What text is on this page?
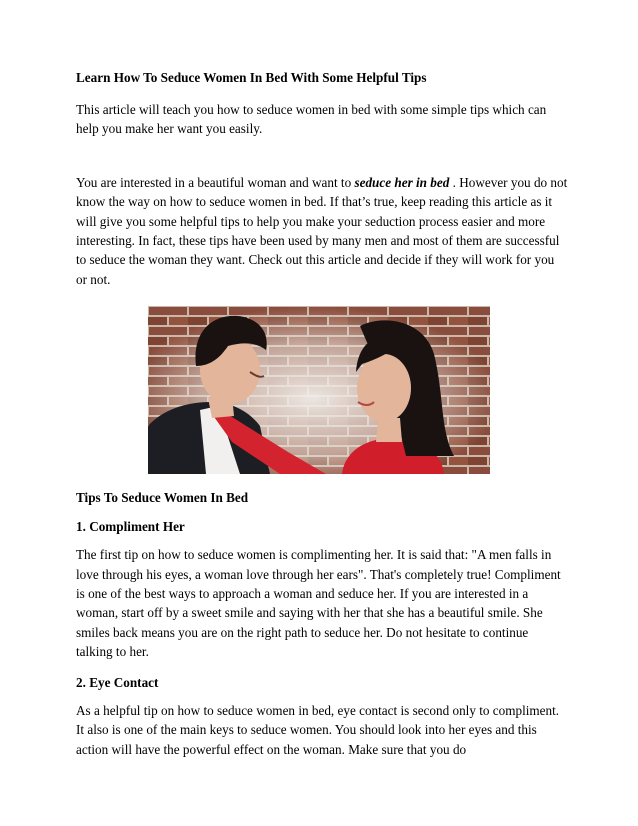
Learn How To Seduce Women In Bed With Some Helpful Tips

This article will teach you how to seduce women in bed with some simple tips which can help you make her want you easily.

You are interested in a beautiful woman and want to seduce her in bed . However you do not know the way on how to seduce women in bed. If that’s true, keep reading this article as it will give you some helpful tips to help you make your seduction process easier and more interesting. In fact, these tips have been used by many men and most of them are successful to seduce the woman they want. Check out this article and decide if they will work for you or not.

Tips To Seduce Women In Bed
1. Compliment Her

The first tip on how to seduce women is complimenting her. It is said that: "A men falls in love through his eyes, a woman love through her ears". That's completely true! Compliment is one of the best ways to approach a woman and seduce her. If you are interested in a woman, start off by a sweet smile and saying with her that she has a beautiful smile. She smiles back means you are on the right path to seduce her. Do not hesitate to continue talking to her.

2. Eye Contact

As a helpful tip on how to seduce women in bed, eye contact is second only to compliment. It also is one of the main keys to seduce women. You should look into her eyes and this action will have the powerful effect on the woman. Make sure that you do
